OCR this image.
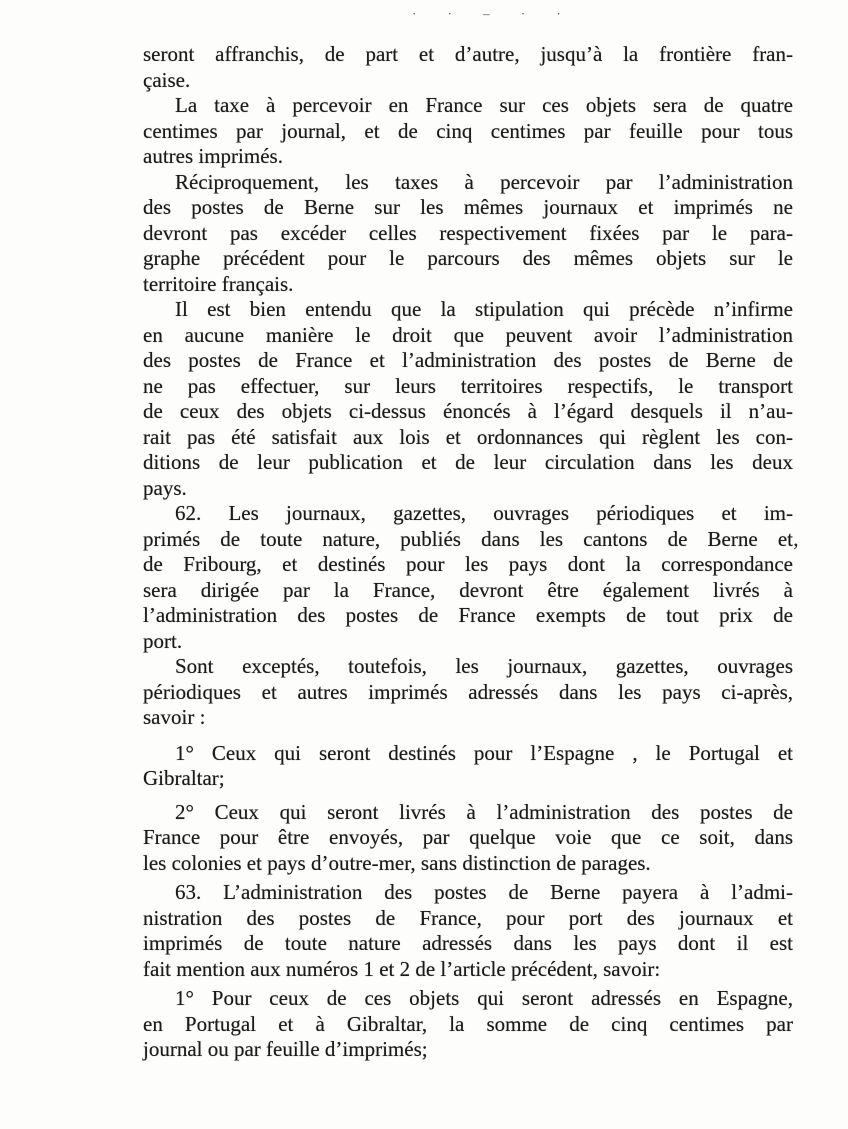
· · – · ·
’

seront affranchis, de part et d’autre, jusqu’à la frontière fran-
çaise.

La taxe à percevoir en France sur ces objets sera de quatre
centimes par journal, et de cinq centimes par feuille pour tous
autres imprimés.

Réciproquement, les taxes à percevoir par l’administration
des postes de Berne sur les mêmes journaux et imprimés ne
devront pas excéder celles respectivement fixées par le para-
graphe précédent pour le parcours des mêmes objets sur le
territoire français.

Il est bien entendu que la stipulation qui précède n’infirme
en aucune manière le droit que peuvent avoir l’administration
des postes de France et l’administration des postes de Berne de
ne pas effectuer, sur leurs territoires respectifs, le transport
de ceux des objets ci-dessus énoncés à l’égard desquels il n’au-
rait pas été satisfait aux lois et ordonnances qui règlent les con-
ditions de leur publication et de leur circulation dans les deux
pays.

62. Les journaux, gazettes, ouvrages périodiques et im-
primés de toute nature, publiés dans les cantons de Berne et
de Fribourg, et destinés pour les pays dont la correspondance
sera dirigée par la France, devront être également livrés à
l’administration des postes de France exempts de tout prix de
port.

Sont exceptés, toutefois, les journaux, gazettes, ouvrages
périodiques et autres imprimés adressés dans les pays ci-après,
savoir :

1° Ceux qui seront destinés pour l’Espagne , le Portugal et
Gibraltar;

2° Ceux qui seront livrés à l’administration des postes de
France pour être envoyés, par quelque voie que ce soit, dans
les colonies et pays d’outre-mer, sans distinction de parages.

63. L’administration des postes de Berne payera à l’admi-
nistration des postes de France, pour port des journaux et
imprimés de toute nature adressés dans les pays dont il est
fait mention aux numéros 1 et 2 de l’article précédent, savoir:

1° Pour ceux de ces objets qui seront adressés en Espagne,
en Portugal et à Gibraltar, la somme de cinq centimes par
journal ou par feuille d’imprimés;
